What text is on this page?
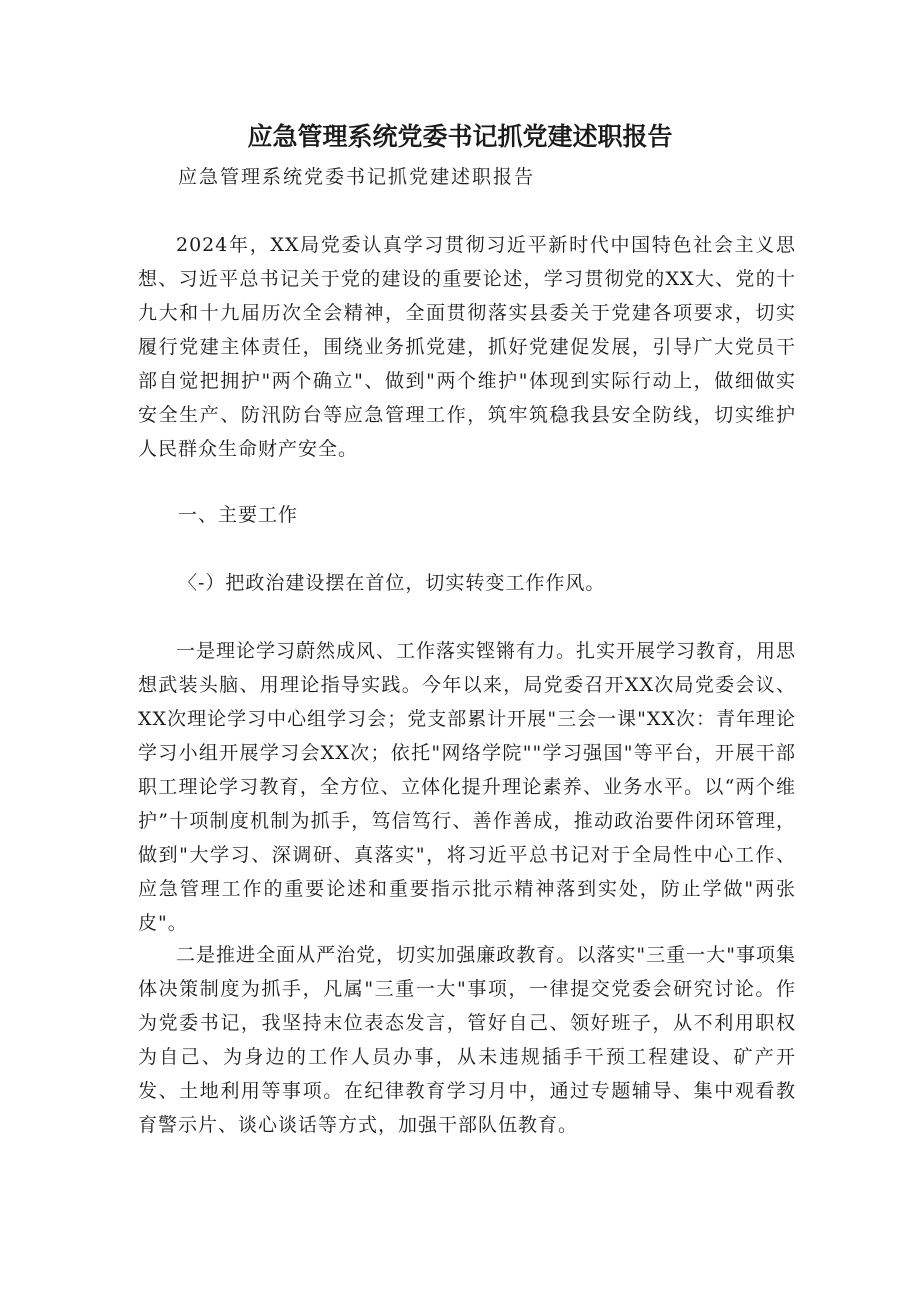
应急管理系统党委书记抓党建述职报告

应急管理系统党委书记抓党建述职报告

2024年，XX局党委认真学习贯彻习近平新时代中国特色社会主义思想、习近平总书记关于党的建设的重要论述，学习贯彻党的XX大、党的十九大和十九届历次全会精神，全面贯彻落实县委关于党建各项要求，切实履行党建主体责任，围绕业务抓党建，抓好党建促发展，引导广大党员干部自觉把拥护"两个确立"、做到"两个维护"体现到实际行动上，做细做实安全生产、防汛防台等应急管理工作，筑牢筑稳我县安全防线，切实维护人民群众生命财产安全。

一、主要工作

〈-）把政治建设摆在首位，切实转变工作作风。

一是理论学习蔚然成风、工作落实铿锵有力。扎实开展学习教育，用思想武装头脑、用理论指导实践。今年以来，局党委召开XX次局党委会议、XX次理论学习中心组学习会；党支部累计开展"三会一课"XX次：青年理论学习小组开展学习会XX次；依托"网络学院""学习强国"等平台，开展干部职工理论学习教育，全方位、立体化提升理论素养、业务水平。以“两个维护”十项制度机制为抓手，笃信笃行、善作善成，推动政治要件闭环管理，做到"大学习、深调研、真落实"，将习近平总书记对于全局性中心工作、应急管理工作的重要论述和重要指示批示精神落到实处，防止学做"两张皮"。

二是推进全面从严治党，切实加强廉政教育。以落实"三重一大"事项集体决策制度为抓手，凡属"三重一大"事项，一律提交党委会研究讨论。作为党委书记，我坚持末位表态发言，管好自己、领好班子，从不利用职权为自己、为身边的工作人员办事，从未违规插手干预工程建设、矿产开发、土地利用等事项。在纪律教育学习月中，通过专题辅导、集中观看教育警示片、谈心谈话等方式，加强干部队伍教育。
